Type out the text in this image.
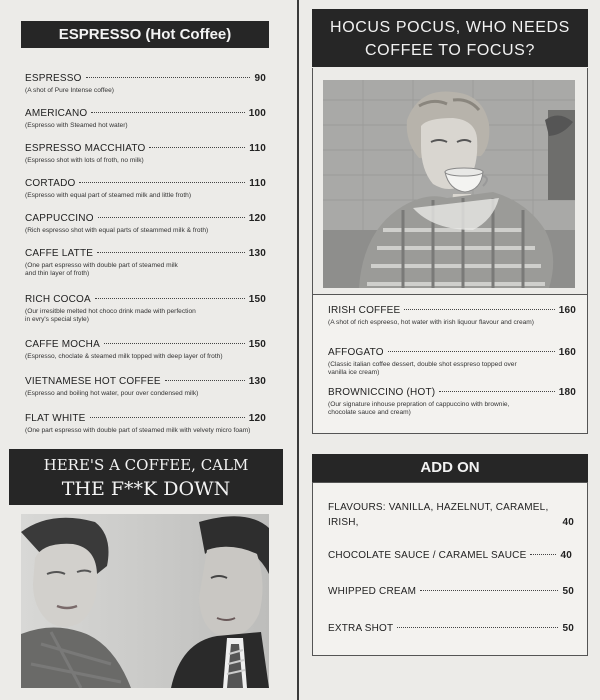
ESPRESSO (Hot Coffee)
ESPRESSO	90
(A shot of Pure Intense coffee)
AMERICANO	100
(Espresso with Steamed hot water)
ESPRESSO MACCHIATO	110
(Espresso shot with lots of froth, no milk)
CORTADO	110
(Espresso with equal part of steamed milk and little froth)
CAPPUCCINO	120
(Rich espresso shot with equal parts of steammed milk & froth)
CAFFE LATTE	130
(One part espresso with double part of steamed milk
and thin layer of froth)
RICH COCOA	150
(Our irresitble melted hot choco drink made with perfection
in evry's special style)
CAFFE MOCHA	150
(Espresso, choclate & steamed milk topped with deep layer of froth)
VIETNAMESE HOT COFFEE	130
(Espresso and boiling hot water, pour over condensed milk)
FLAT WHITE	120
(One part espresso with double part of steamed milk with velvety micro foam)
HERE'S A COFFEE, CALM
THE F**K DOWN
HOCUS POCUS, WHO NEEDS
COFFEE TO FOCUS?
IRISH COFFEE	160
(A shot of rich espreeso, hot water with irish liquour flavour and cream)
AFFOGATO	160
(Classic italian coffee dessert, double shot esspreso topped over
vanilla ice cream)
BROWNICCINO (HOT)	180
(Our signature inhouse prepration of cappuccino with brownie,
chocolate sauce and cream)
ADD ON
FLAVOURS: VANILLA, HAZELNUT, CARAMEL,
IRISH,	40
CHOCOLATE SAUCE / CARAMEL SAUCE	40
WHIPPED CREAM	50
EXTRA SHOT	50
